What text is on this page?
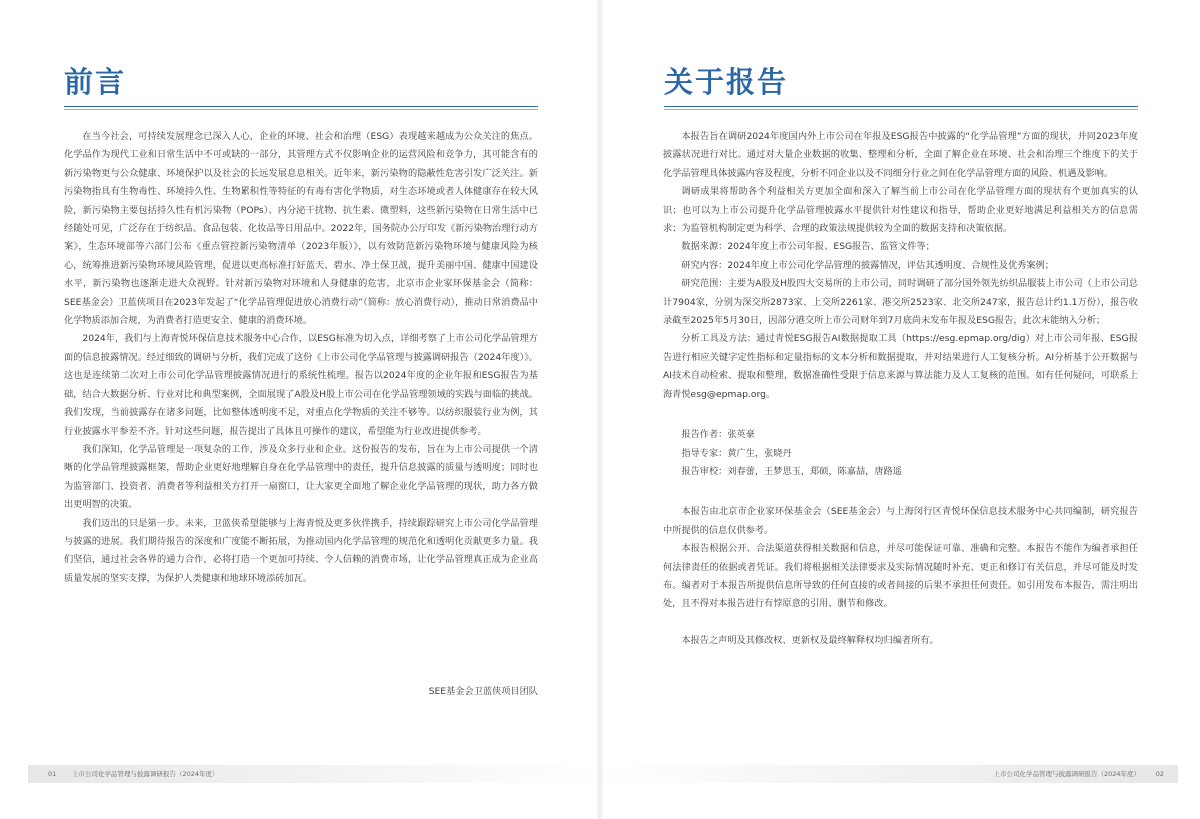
前言

在当今社会，可持续发展理念已深入人心，企业的环境、社会和治理（ESG）表现越来越成为公众关注的焦点。化学品作为现代工业和日常生活中不可或缺的一部分，其管理方式不仅影响企业的运营风险和竞争力，其可能含有的新污染物更与公众健康、环境保护以及社会的长远发展息息相关。近年来，新污染物的隐蔽性危害引发广泛关注。新污染物指具有生物毒性、环境持久性、生物累积性等特征的有毒有害化学物质，对生态环境或者人体健康存在较大风险，新污染物主要包括持久性有机污染物（POPs）、内分泌干扰物、抗生素、微塑料，这些新污染物在日常生活中已经随处可见，广泛存在于纺织品、食品包装、化妆品等日用品中。2022年，国务院办公厅印发《新污染物治理行动方案》，生态环境部等六部门公布《重点管控新污染物清单（2023年版）》，以有效防范新污染物环境与健康风险为核心，统筹推进新污染物环境风险管理，促进以更高标准打好蓝天、碧水、净土保卫战，提升美丽中国、健康中国建设水平，新污染物也逐渐走进大众视野。针对新污染物对环境和人身健康的危害，北京市企业家环保基金会（简称：SEE基金会）卫蓝侠项目在2023年发起了“化学品管理促进放心消费行动”（简称：放心消费行动），推动日常消费品中化学物质添加合规，为消费者打造更安全、健康的消费环境。

2024年，我们与上海青悦环保信息技术服务中心合作，以ESG标准为切入点，详细考察了上市公司化学品管理方面的信息披露情况。经过细致的调研与分析，我们完成了这份《上市公司化学品管理与披露调研报告（2024年度）》。这也是连续第二次对上市公司化学品管理披露情况进行的系统性梳理。报告以2024年度的企业年报和ESG报告为基础，结合大数据分析、行业对比和典型案例，全面展现了A股及H股上市公司在化学品管理领域的实践与面临的挑战。我们发现，当前披露存在诸多问题，比如整体透明度不足，对重点化学物质的关注不够等。以纺织服装行业为例，其行业披露水平参差不齐。针对这些问题，报告提出了具体且可操作的建议，希望能为行业改进提供参考。

我们深知，化学品管理是一项复杂的工作，涉及众多行业和企业。这份报告的发布，旨在为上市公司提供一个清晰的化学品管理披露框架，帮助企业更好地理解自身在化学品管理中的责任，提升信息披露的质量与透明度；同时也为监管部门、投资者、消费者等利益相关方打开一扇窗口，让大家更全面地了解企业化学品管理的现状，助力各方做出更明智的决策。

我们迈出的只是第一步。未来，卫蓝侠希望能够与上海青悦及更多伙伴携手，持续跟踪研究上市公司化学品管理与披露的进展。我们期待报告的深度和广度能不断拓展，为推动国内化学品管理的规范化和透明化贡献更多力量。我们坚信，通过社会各界的通力合作，必将打造一个更加可持续、令人信赖的消费市场，让化学品管理真正成为企业高质量发展的坚实支撑，为保护人类健康和地球环境添砖加瓦。

SEE基金会卫蓝侠项目团队
01 上市公司化学品管理与披露调研报告（2024年度）
关于报告

本报告旨在调研2024年度国内外上市公司在年报及ESG报告中披露的“化学品管理”方面的现状，并同2023年度披露状况进行对比。通过对大量企业数据的收集、整理和分析，全面了解企业在环境、社会和治理三个维度下的关于化学品管理具体披露内容及程度，分析不同企业以及不同细分行业之间在化学品管理方面的风险、机遇及影响。

调研成果将帮助各个利益相关方更加全面和深入了解当前上市公司在化学品管理方面的现状有个更加真实的认识；也可以为上市公司提升化学品管理披露水平提供针对性建议和指导，帮助企业更好地满足利益相关方的信息需求；为监管机构制定更为科学、合理的政策法规提供较为全面的数据支持和决策依据。

数据来源：2024年度上市公司年报、ESG报告、监管文件等；

研究内容：2024年度上市公司化学品管理的披露情况，评估其透明度、合规性及优秀案例；

研究范围：主要为A股及H股四大交易所的上市公司，同时调研了部分国外领先纺织品服装上市公司（上市公司总计7904家，分别为深交所2873家、上交所2261家、港交所2523家、北交所247家，报告总计约1.1万份），报告收录截至2025年5月30日，因部分港交所上市公司财年到7月底尚未发布年报及ESG报告，此次未能纳入分析；

分析工具及方法：通过青悦ESG报告AI数据提取工具（https://esg.epmap.org/dig）对上市公司年报、ESG报告进行相应关键字定性指标和定量指标的文本分析和数据提取，并对结果进行人工复核分析。AI分析基于公开数据与AI技术自动检索、提取和整理，数据准确性受限于信息来源与算法能力及人工复核的范围。如有任何疑问，可联系上海青悦esg@epmap.org。

报告作者：张英豪

指导专家：黄广生，张晓丹

报告审校：刘春蕾，王梦思玉，郑硕，陈嘉喆，唐路遥

本报告由北京市企业家环保基金会（SEE基金会）与上海闵行区青悦环保信息技术服务中心共同编制，研究报告中所提供的信息仅供参考。

本报告根据公开、合法渠道获得相关数据和信息，并尽可能保证可靠、准确和完整。本报告不能作为编者承担任何法律责任的依据或者凭证。我们将根据相关法律要求及实际情况随时补充、更正和修订有关信息，并尽可能及时发布。编者对于本报告所提供信息所导致的任何直接的或者间接的后果不承担任何责任。如引用发布本报告，需注明出处，且不得对本报告进行有悖原意的引用、删节和修改。

本报告之声明及其修改权、更新权及最终解释权均归编者所有。

上市公司化学品管理与披露调研报告（2024年度） 02
